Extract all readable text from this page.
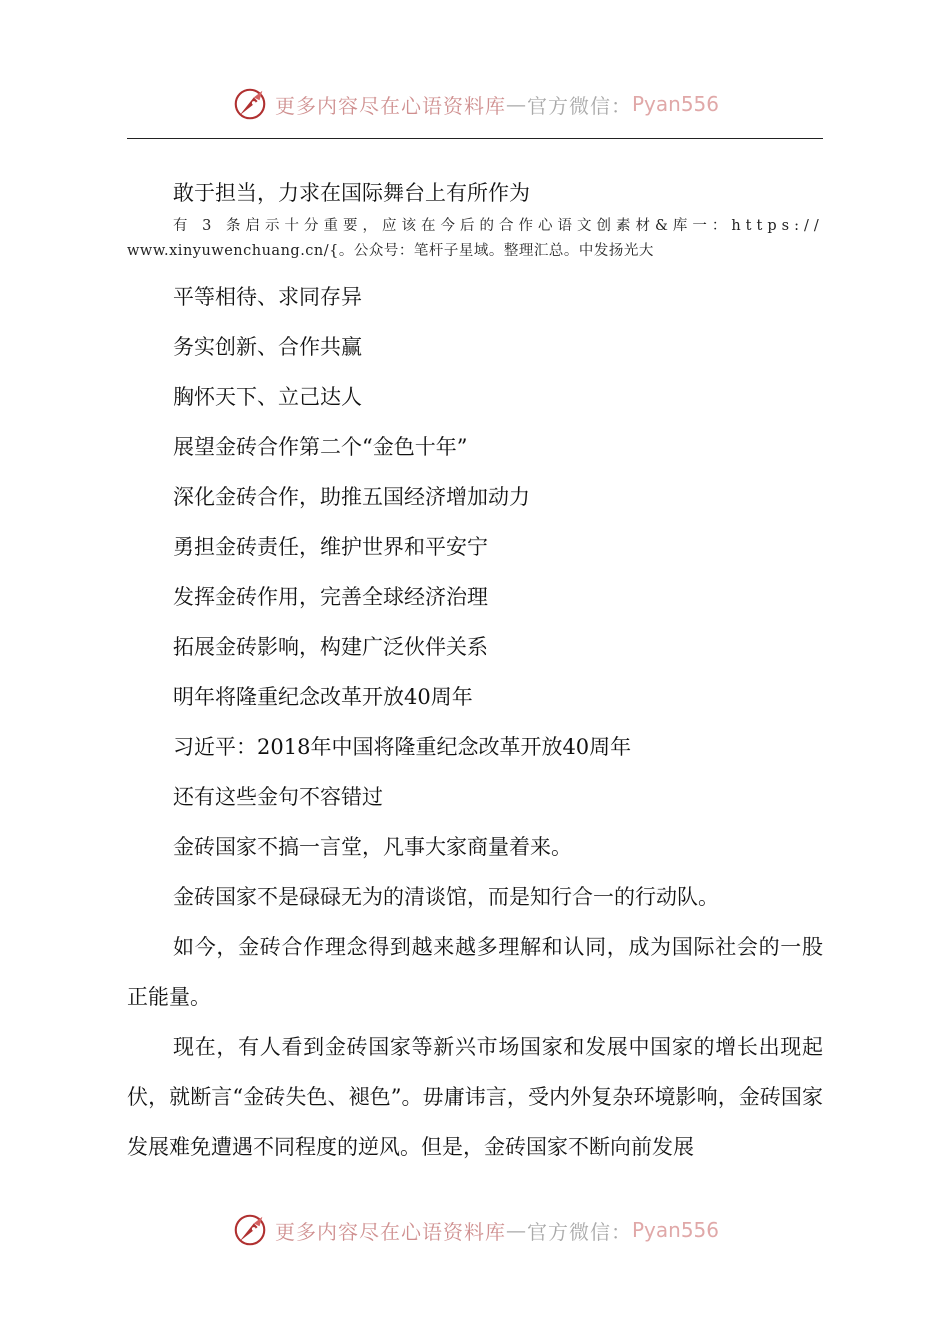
更多内容尽在心语资料库 — 官方微信： Pyan556
敢于担当，力求在国际舞台上有所作为
有 3 条启示十分重要，应该在今后的合作心语文创素材&库一：https://
www.xinyuwenchuang.cn/{。公众号：笔杆子星域。整理汇总。中发扬光大
平等相待、求同存异
务实创新、合作共赢
胸怀天下、立己达人
展望金砖合作第二个“金色十年”
深化金砖合作，助推五国经济增加动力
勇担金砖责任，维护世界和平安宁
发挥金砖作用，完善全球经济治理
拓展金砖影响，构建广泛伙伴关系
明年将隆重纪念改革开放40周年
习近平：2018年中国将隆重纪念改革开放40周年
还有这些金句不容错过
金砖国家不搞一言堂，凡事大家商量着来。
金砖国家不是碌碌无为的清谈馆，而是知行合一的行动队。
如今，金砖合作理念得到越来越多理解和认同，成为国际社会的一股正能量。
现在，有人看到金砖国家等新兴市场国家和发展中国家的增长出现起伏，就断言“金砖失色、褪色”。毋庸讳言，受内外复杂环境影响，金砖国家发展难免遭遇不同程度的逆风。但是，金砖国家不断向前发展
更多内容尽在心语资料库 — 官方微信： Pyan556
